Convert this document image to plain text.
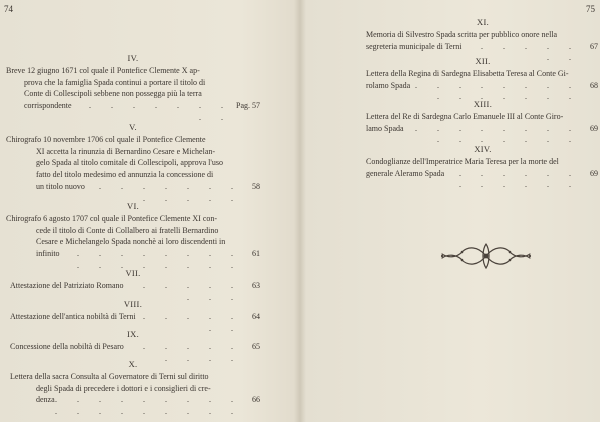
74
IV.
Breve 12 giugno 1671 col quale il Pontefice Clemente X ap-
prova che la famiglia Spada continui a portare il titolo di
Conte di Collescipoli sebbene non possegga più la terra
corrispondente	. . . . . . . . .
Pag. 57
V.
Chirografo 10 novembre 1706 col quale il Pontefice Clemente
XI accetta la rinunzia di Bernardino Cesare e Michelan-
gelo Spada al titolo comitale di Collescipoli, approva l'uso
fatto del titolo medesimo ed annunzia la concessione di
un titolo nuovo	. . . . . . . . . . . .
58
VI.
Chirografo 6 agosto 1707 col quale il Pontefice Clemente XI con-
cede il titolo di Conte di Collalbero ai fratelli Bernardino
Cesare e Michelangelo Spada nonchè ai loro discendenti in
infinito	. . . . . . . . . . . . . . . .
61
VII.
Attestazione del Patriziato Romano	. . . . . . . .
63
VIII.
Attestazione dell'antica nobiltà di Terni . . . . . . .
64
IX.
Concessione della nobiltà di Pesaro	. . . . . . . . .
65
X.
Lettera della sacra Consulta al Governatore di Terni sul diritto
degli Spada di precedere i dottori e i consiglieri di cre-
denza . . . . . . . . . . . . . . . . . .
66
75
XI.
Memoria di Silvestro Spada scritta per pubblico onore nella
segreteria municipale di Terni	. . . . . . .
67
XII.
Lettera della Regina di Sardegna Elisabetta Teresa al Conte Gi-
rolamo Spada . . . . . . . . . . . . . . .
68
XIII.
Lettera del Re di Sardegna Carlo Emanuele III al Conte Giro-
lamo Spada	. . . . . . . . . . . . . . .
69
XIV.
Condoglianze dell'Imperatrice Maria Teresa per la morte del
generale Aleramo Spada	. . . . . . . . . . . .
69
